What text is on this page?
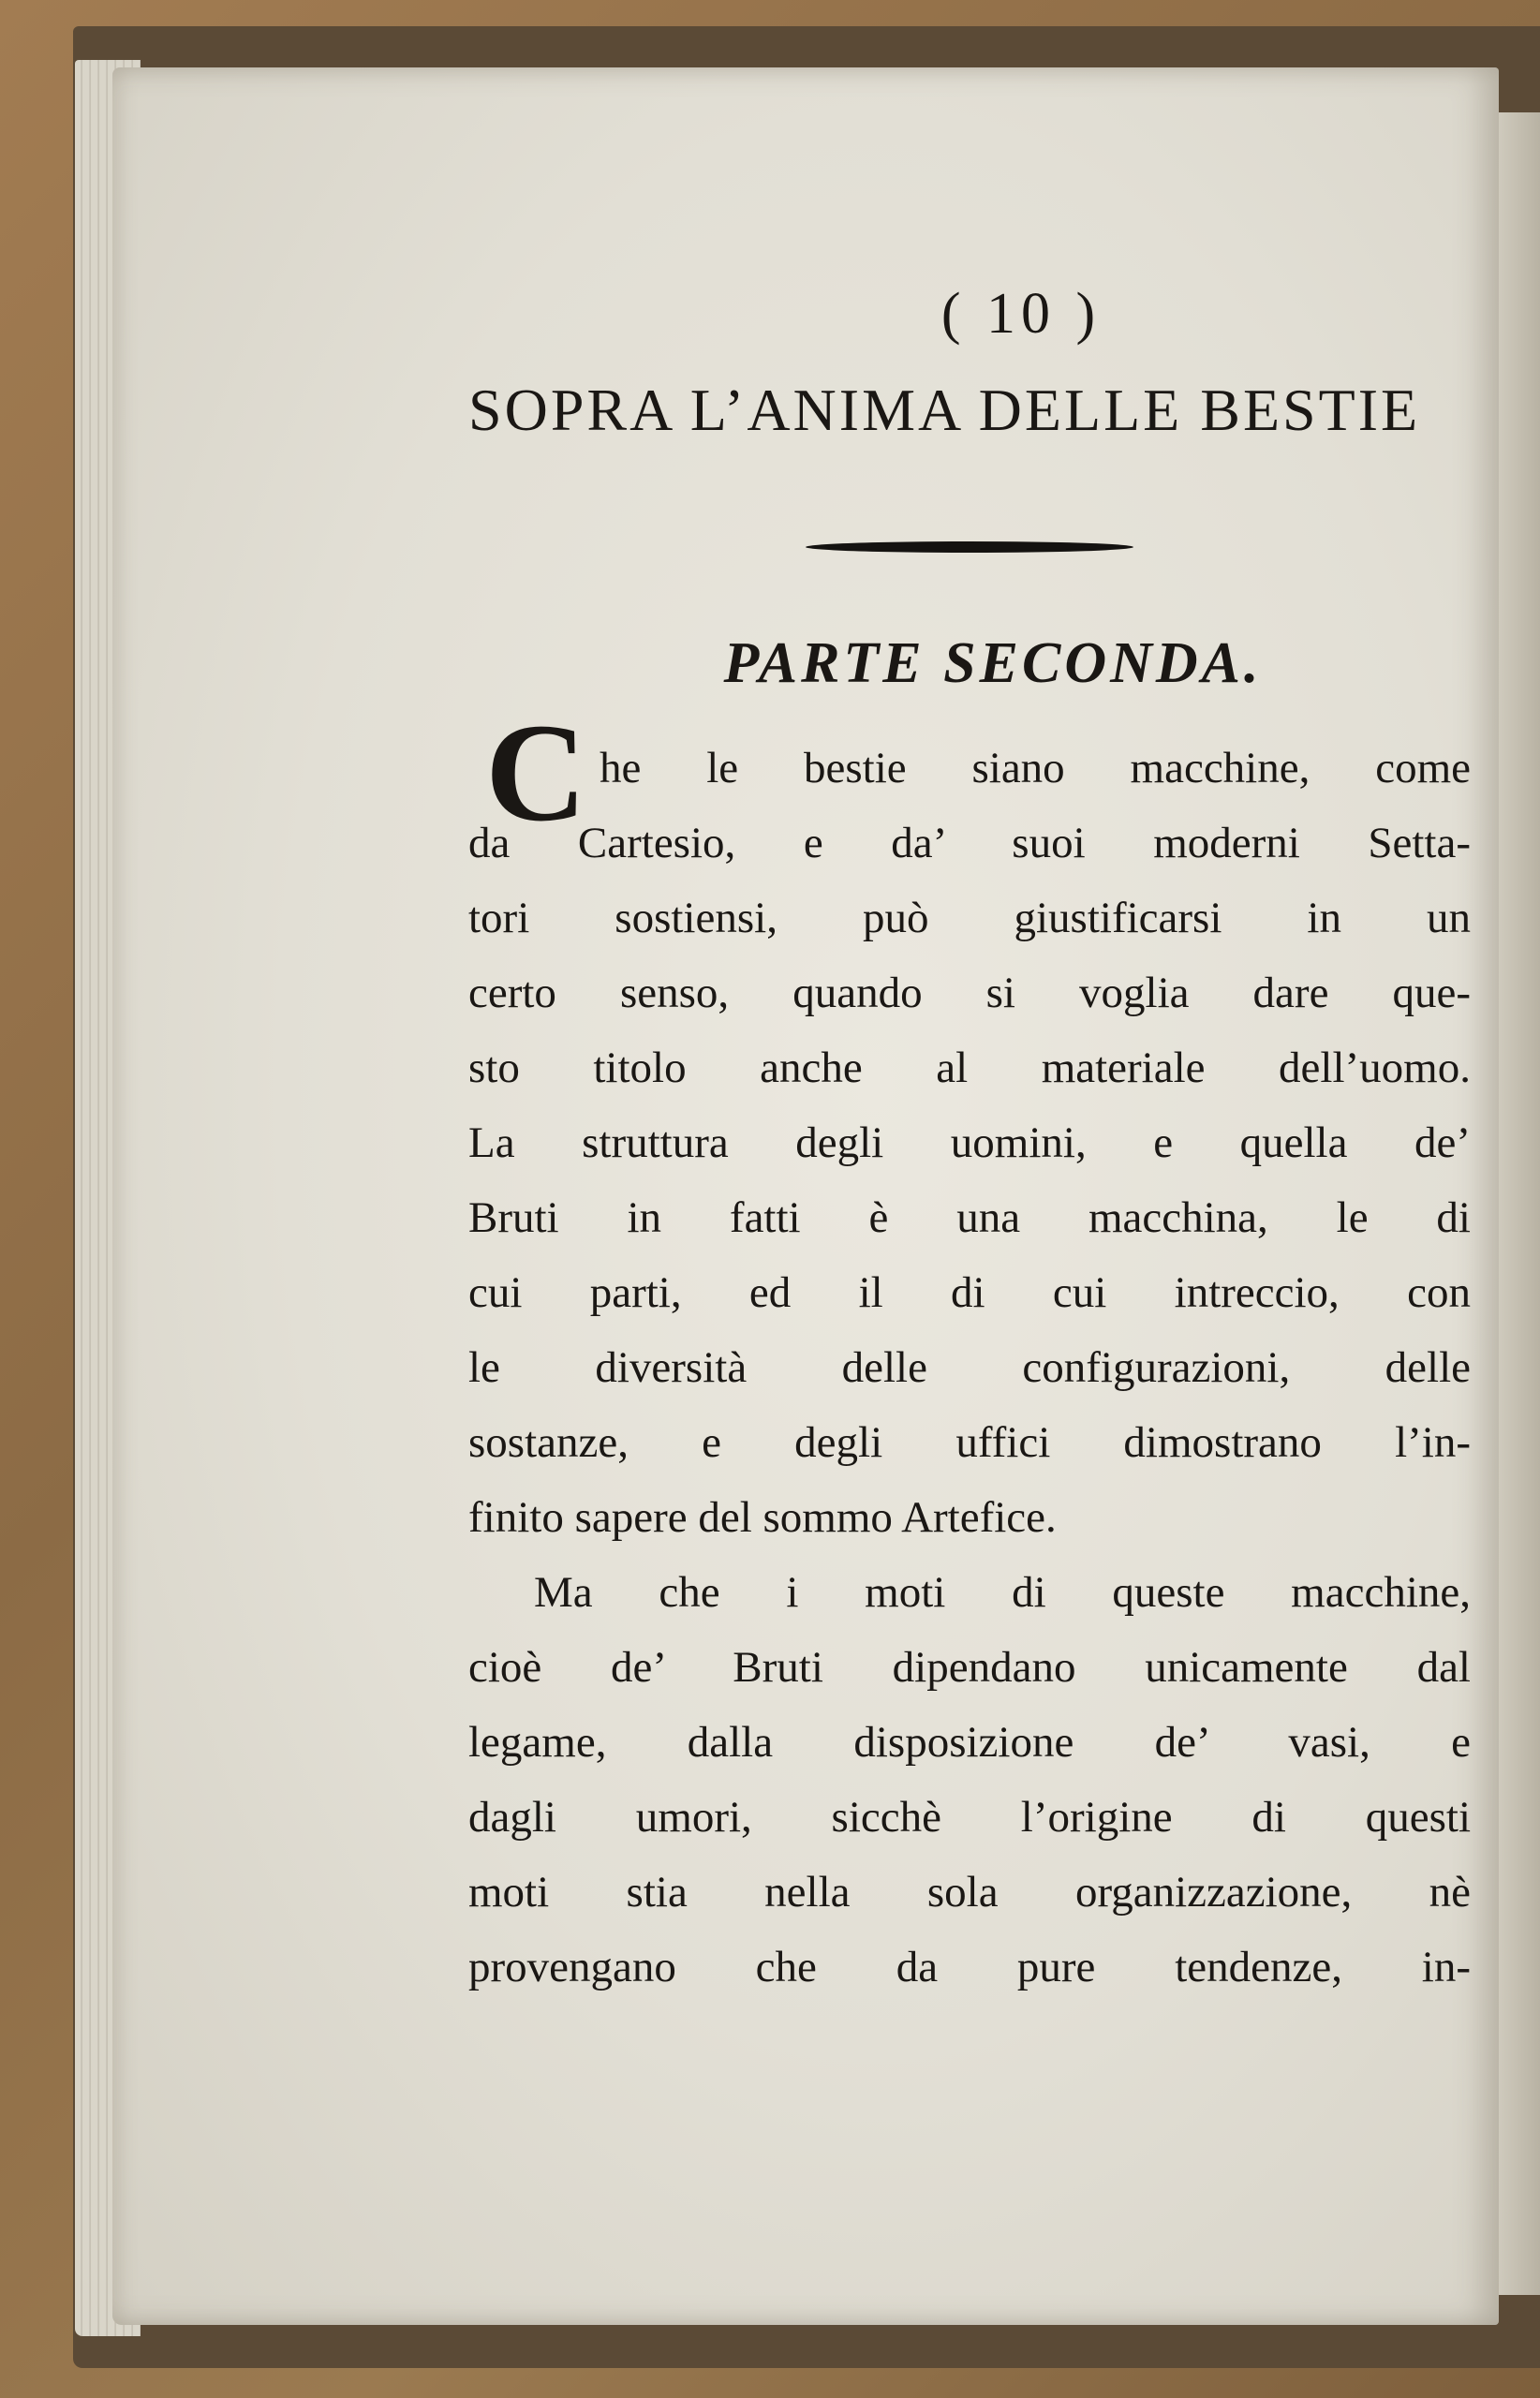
( 10 )
SOPRA L’ANIMA DELLE BESTIE
PARTE SECONDA.
C he le bestie siano macchine, come
da Cartesio, e da’ suoi moderni Setta-
tori sostiensi, può giustificarsi in un
certo senso, quando si voglia dare que-
sto titolo anche al materiale dell’uomo.
La struttura degli uomini, e quella de’
Bruti in fatti è una macchina, le di
cui parti, ed il di cui intreccio, con
le diversità delle configurazioni, delle
sostanze, e degli uffici dimostrano l’in-
finito sapere del sommo Artefice.
Ma che i moti di queste macchine,
cioè de’ Bruti dipendano unicamente dal
legame, dalla disposizione de’ vasi, e
dagli umori, sicchè l’origine di questi
moti stia nella sola organizzazione, nè
provengano che da pure tendenze, in-
